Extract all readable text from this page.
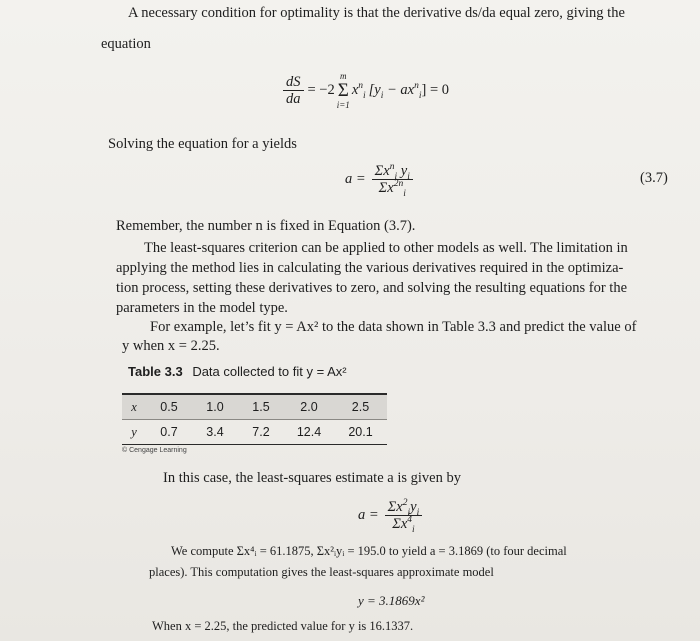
A necessary condition for optimality is that the derivative ds/da equal zero, giving the
equation
$\frac{dS}{da} = -2$
m
Σ
i=1
$x^n_i$ $[y_i - ax^n_i] = 0$
Solving the equation for a yields
$a = \frac{\Sigma x^n_i y_i}{\Sigma x^{2n}_i}$	(3.7)
Remember, the number n is fixed in Equation (3.7).
The least-squares criterion can be applied to other models as well. The limitation in
applying the method lies in calculating the various derivatives required in the optimiza-
tion process, setting these derivatives to zero, and solving the resulting equations for the
parameters in the model type.
For example, let’s fit y = Ax² to the data shown in Table 3.3 and predict the value of
y when x = 2.25.
Table 3.3 Data collected to fit y = Ax²
x	0.5	1.0	1.5	2.0	2.5
y	0.7	3.4	7.2	12.4	20.1
© Cengage Learning
In this case, the least-squares estimate a is given by
$a = \frac{\Sigma x^2_iy_i}{\Sigma x^4_i}$
We compute Σx⁴ᵢ = 61.1875, Σx²ᵢyᵢ = 195.0 to yield a = 3.1869 (to four decimal
places). This computation gives the least-squares approximate model
y = 3.1869x²
When x = 2.25, the predicted value for y is 16.1337.
